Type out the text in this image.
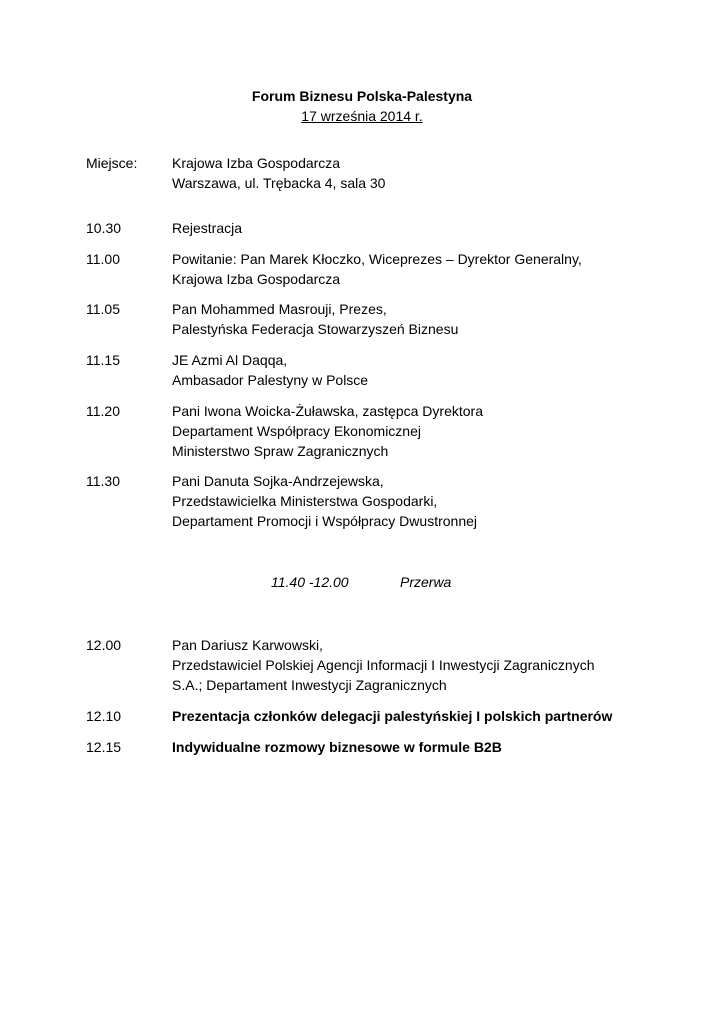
Forum Biznesu Polska-Palestyna
17 września 2014 r.
Miejsce:	Krajowa Izba Gospodarcza
Warszawa, ul. Trębacka 4, sala 30
10.30	Rejestracja
11.00	Powitanie: Pan Marek Kłoczko, Wiceprezes – Dyrektor Generalny,
Krajowa Izba Gospodarcza
11.05	Pan Mohammed Masrouji, Prezes,
Palestyńska Federacja Stowarzyszeń Biznesu
11.15	JE Azmi Al Daqqa,
Ambasador Palestyny w Polsce
11.20	Pani Iwona Woicka-Żuławska, zastępca Dyrektora
Departament Współpracy Ekonomicznej
Ministerstwo Spraw Zagranicznych
11.30	Pani Danuta Sojka-Andrzejewska,
Przedstawicielka Ministerstwa Gospodarki,
Departament Promocji i Współpracy Dwustronnej
11.40 -12.00	Przerwa
12.00	Pan Dariusz Karwowski,
Przedstawiciel Polskiej Agencji Informacji I Inwestycji Zagranicznych
S.A.; Departament Inwestycji Zagranicznych
12.10	Prezentacja członków delegacji palestyńskiej I polskich partnerów
12.15	Indywidualne rozmowy biznesowe w formule B2B
